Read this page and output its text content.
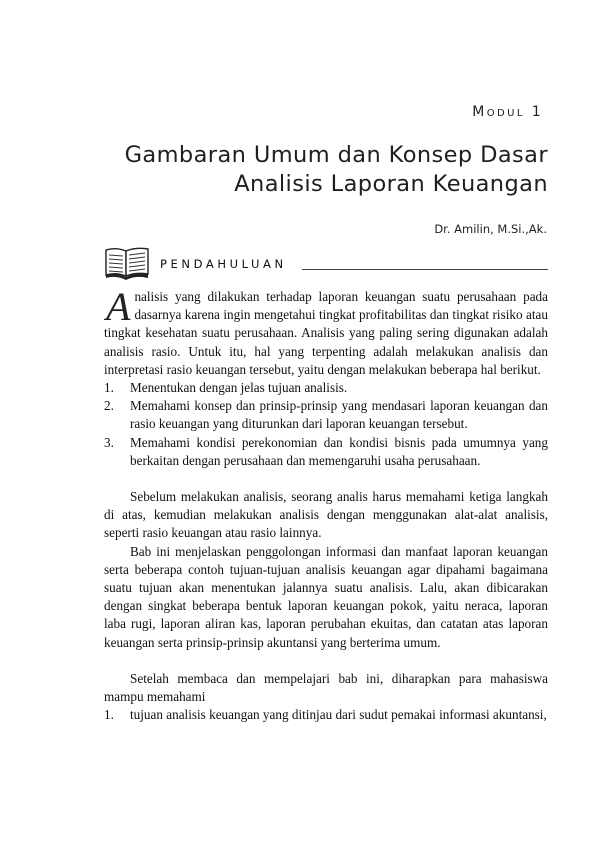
Modul 1
Gambaran Umum dan Konsep Dasar
Analisis Laporan Keuangan
Dr. Amilin, M.Si.,Ak.
PENDAHULUAN

Analisis yang dilakukan terhadap laporan keuangan suatu perusahaan pada dasarnya karena ingin mengetahui tingkat profitabilitas dan tingkat risiko atau tingkat kesehatan suatu perusahaan. Analisis yang paling sering digunakan adalah analisis rasio. Untuk itu, hal yang terpenting adalah melakukan analisis dan interpretasi rasio keuangan tersebut, yaitu dengan melakukan beberapa hal berikut.

1. Menentukan dengan jelas tujuan analisis.
2. Memahami konsep dan prinsip-prinsip yang mendasari laporan keuangan dan rasio keuangan yang diturunkan dari laporan keuangan tersebut.
3. Memahami kondisi perekonomian dan kondisi bisnis pada umumnya yang berkaitan dengan perusahaan dan memengaruhi usaha perusahaan.

Sebelum melakukan analisis, seorang analis harus memahami ketiga langkah di atas, kemudian melakukan analisis dengan menggunakan alat-alat analisis, seperti rasio keuangan atau rasio lainnya.

Bab ini menjelaskan penggolongan informasi dan manfaat laporan keuangan serta beberapa contoh tujuan-tujuan analisis keuangan agar dipahami bagaimana suatu tujuan akan menentukan jalannya suatu analisis. Lalu, akan dibicarakan dengan singkat beberapa bentuk laporan keuangan pokok, yaitu neraca, laporan laba rugi, laporan aliran kas, laporan perubahan ekuitas, dan catatan atas laporan keuangan serta prinsip-prinsip akuntansi yang berterima umum.

Setelah membaca dan mempelajari bab ini, diharapkan para mahasiswa mampu memahami

1. tujuan analisis keuangan yang ditinjau dari sudut pemakai informasi akuntansi,
